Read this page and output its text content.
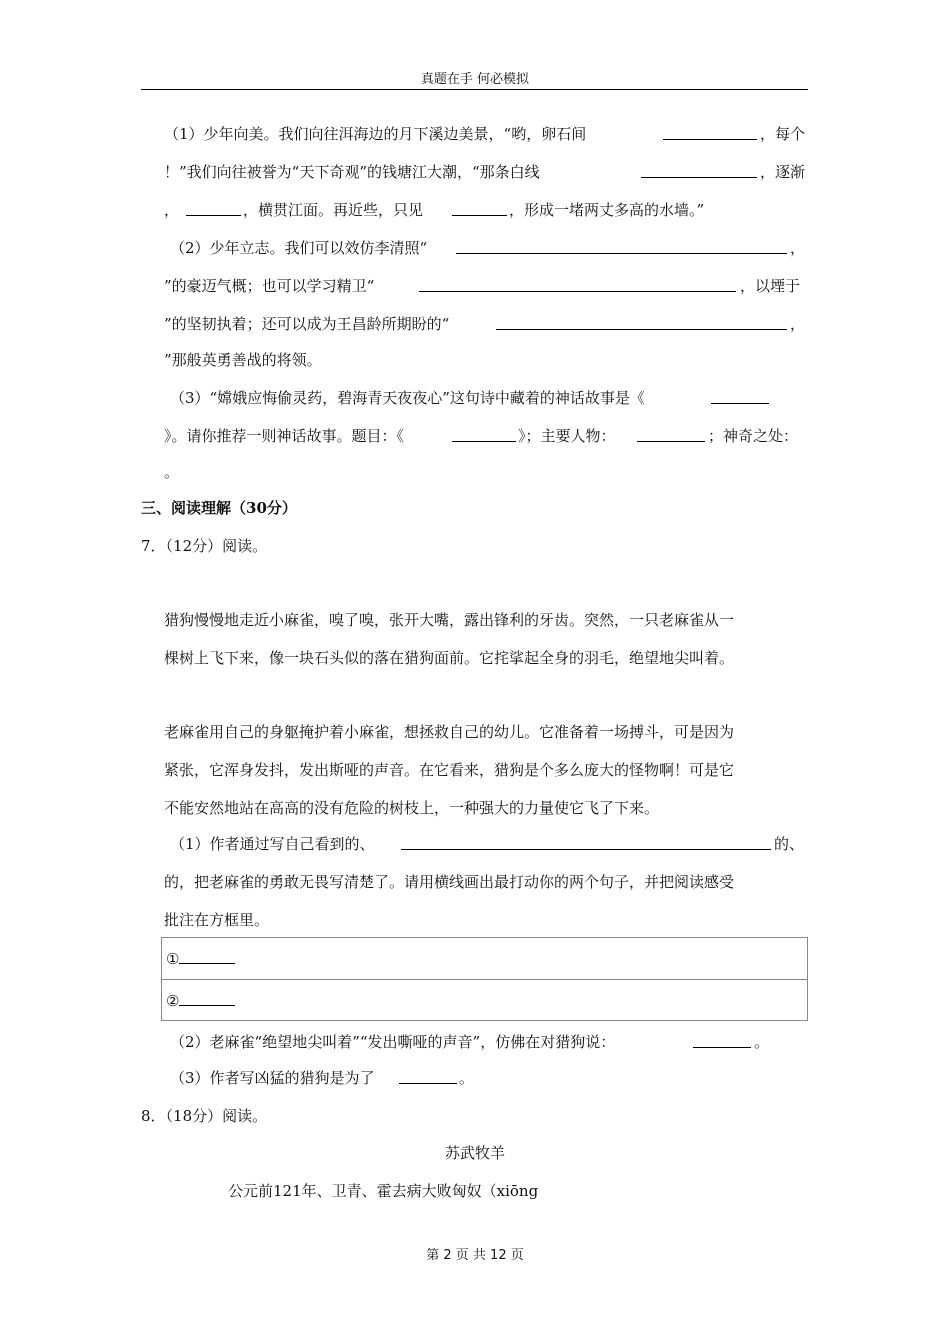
真题在手 何必模拟
（1）少年向美。我们向往洱海边的月下溪边美景，“哟，卵石间	，每个
！”我们向往被誉为“天下奇观”的钱塘江大潮，“那条白线	，逐渐
，	，横贯江面。再近些，只见	，形成一堵两丈多高的水墙。”
（2）少年立志。我们可以效仿李清照“	，
”的豪迈气概；也可以学习精卫“	，以堙于
”的坚韧执着；还可以成为王昌龄所期盼的“	，
”那般英勇善战的将领。
（3）“嫦娥应悔偷灵药，碧海青天夜夜心”这句诗中藏着的神话故事是《
》。请你推荐一则神话故事。题目：《	》；主要人物：	；神奇之处：
。
三、阅读理解（30分）
7．（12分）阅读。
猎狗慢慢地走近小麻雀，嗅了嗅，张开大嘴，露出锋利的牙齿。突然，一只老麻雀从一
棵树上飞下来，像一块石头似的落在猎狗面前。它挓挲起全身的羽毛，绝望地尖叫着。
老麻雀用自己的身躯掩护着小麻雀，想拯救自己的幼儿。它准备着一场搏斗，可是因为
紧张，它浑身发抖，发出斯哑的声音。在它看来，猎狗是个多么庞大的怪物啊！可是它
不能安然地站在高高的没有危险的树枝上，一种强大的力量使它飞了下来。
（1）作者通过写自己看到的、	的、
的，把老麻雀的勇敢无畏写清楚了。请用横线画出最打动你的两个句子，并把阅读感受
批注在方框里。
①
②
（2）老麻雀“绝望地尖叫着”“发出嘶哑的声音”，仿佛在对猎狗说：	。
（3）作者写凶猛的猎狗是为了	。
8．（18分）阅读。
苏武牧羊
公元前121年、卫青、霍去病大败匈奴（xiōng
第 2 页 共 12 页
